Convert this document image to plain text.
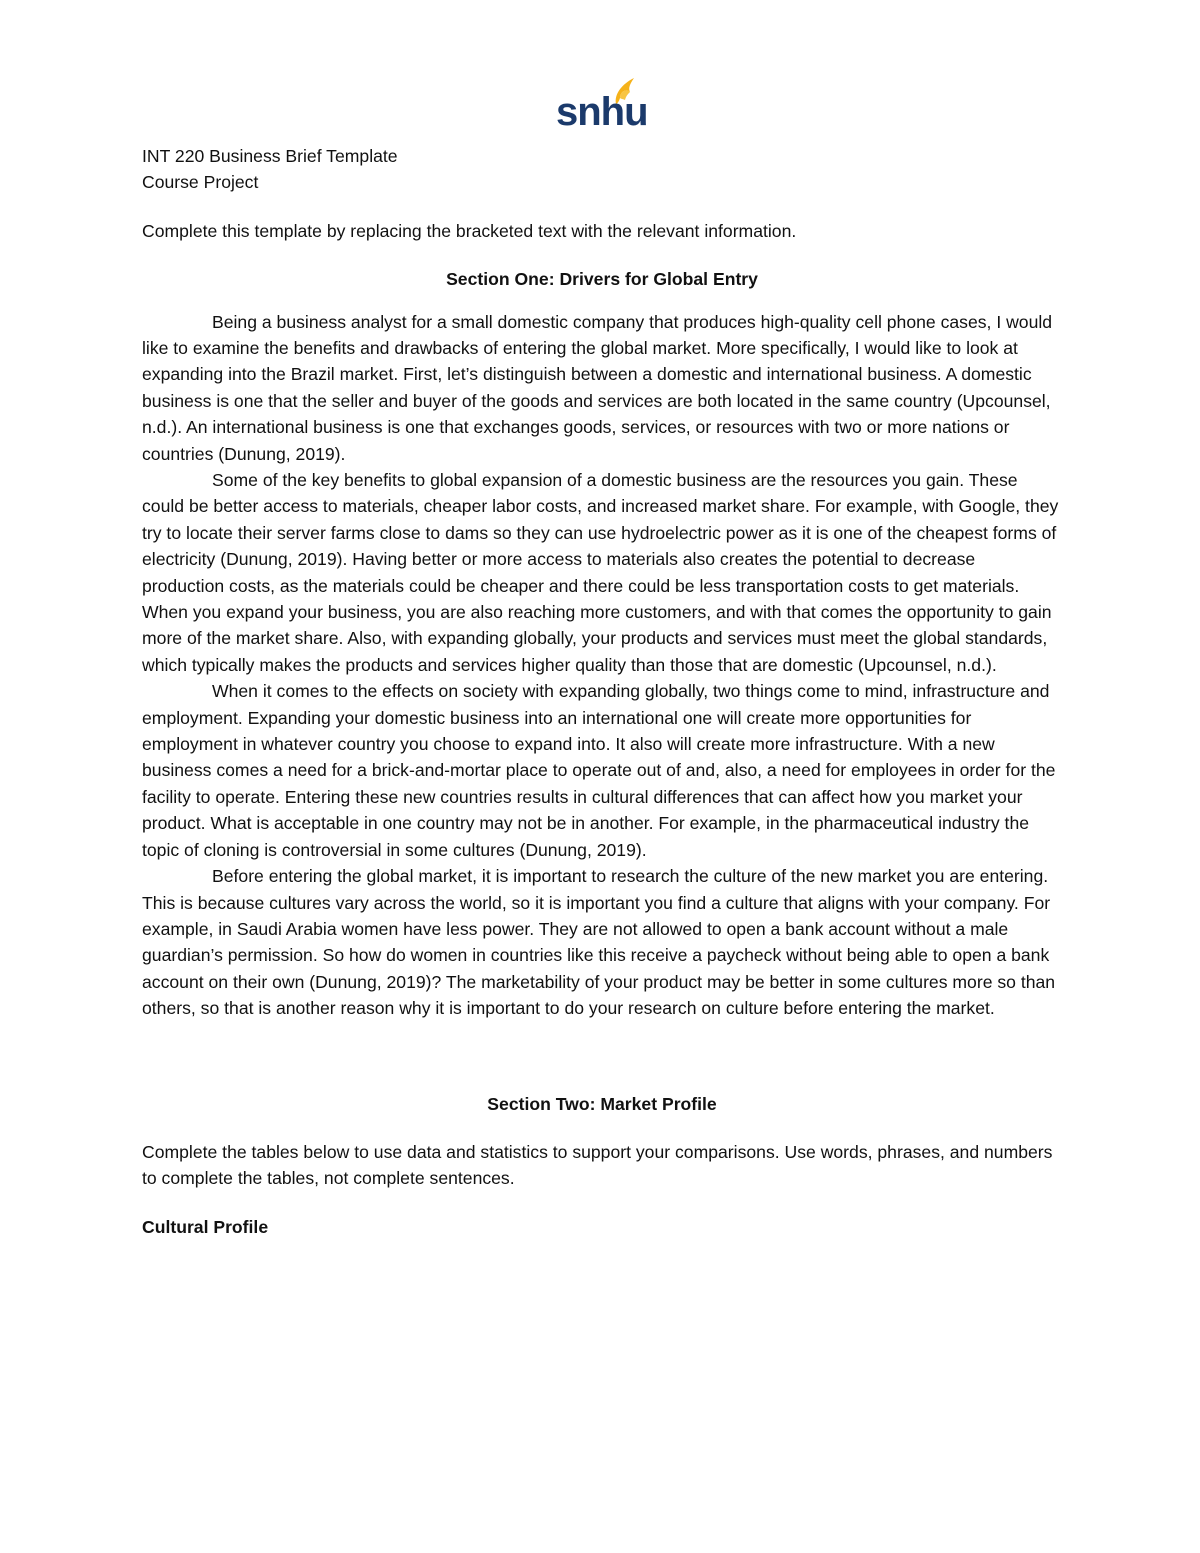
snhu
INT 220 Business Brief Template
Course Project
Complete this template by replacing the bracketed text with the relevant information.
Section One: Drivers for Global Entry

Being a business analyst for a small domestic company that produces high-quality cell phone cases, I would like to examine the benefits and drawbacks of entering the global market. More specifically, I would like to look at expanding into the Brazil market. First, let’s distinguish between a domestic and international business. A domestic business is one that the seller and buyer of the goods and services are both located in the same country (Upcounsel, n.d.). An international business is one that exchanges goods, services, or resources with two or more nations or countries (Dunung, 2019).

Some of the key benefits to global expansion of a domestic business are the resources you gain. These could be better access to materials, cheaper labor costs, and increased market share. For example, with Google, they try to locate their server farms close to dams so they can use hydroelectric power as it is one of the cheapest forms of electricity (Dunung, 2019). Having better or more access to materials also creates the potential to decrease production costs, as the materials could be cheaper and there could be less transportation costs to get materials. When you expand your business, you are also reaching more customers, and with that comes the opportunity to gain more of the market share. Also, with expanding globally, your products and services must meet the global standards, which typically makes the products and services higher quality than those that are domestic (Upcounsel, n.d.).

When it comes to the effects on society with expanding globally, two things come to mind, infrastructure and employment. Expanding your domestic business into an international one will create more opportunities for employment in whatever country you choose to expand into. It also will create more infrastructure. With a new business comes a need for a brick-and-mortar place to operate out of and, also, a need for employees in order for the facility to operate. Entering these new countries results in cultural differences that can affect how you market your product. What is acceptable in one country may not be in another. For example, in the pharmaceutical industry the topic of cloning is controversial in some cultures (Dunung, 2019).

Before entering the global market, it is important to research the culture of the new market you are entering. This is because cultures vary across the world, so it is important you find a culture that aligns with your company. For example, in Saudi Arabia women have less power. They are not allowed to open a bank account without a male guardian’s permission. So how do women in countries like this receive a paycheck without being able to open a bank account on their own (Dunung, 2019)? The marketability of your product may be better in some cultures more so than others, so that is another reason why it is important to do your research on culture before entering the market.

Section Two: Market Profile

Complete the tables below to use data and statistics to support your comparisons. Use words, phrases, and numbers to complete the tables, not complete sentences.

Cultural Profile
